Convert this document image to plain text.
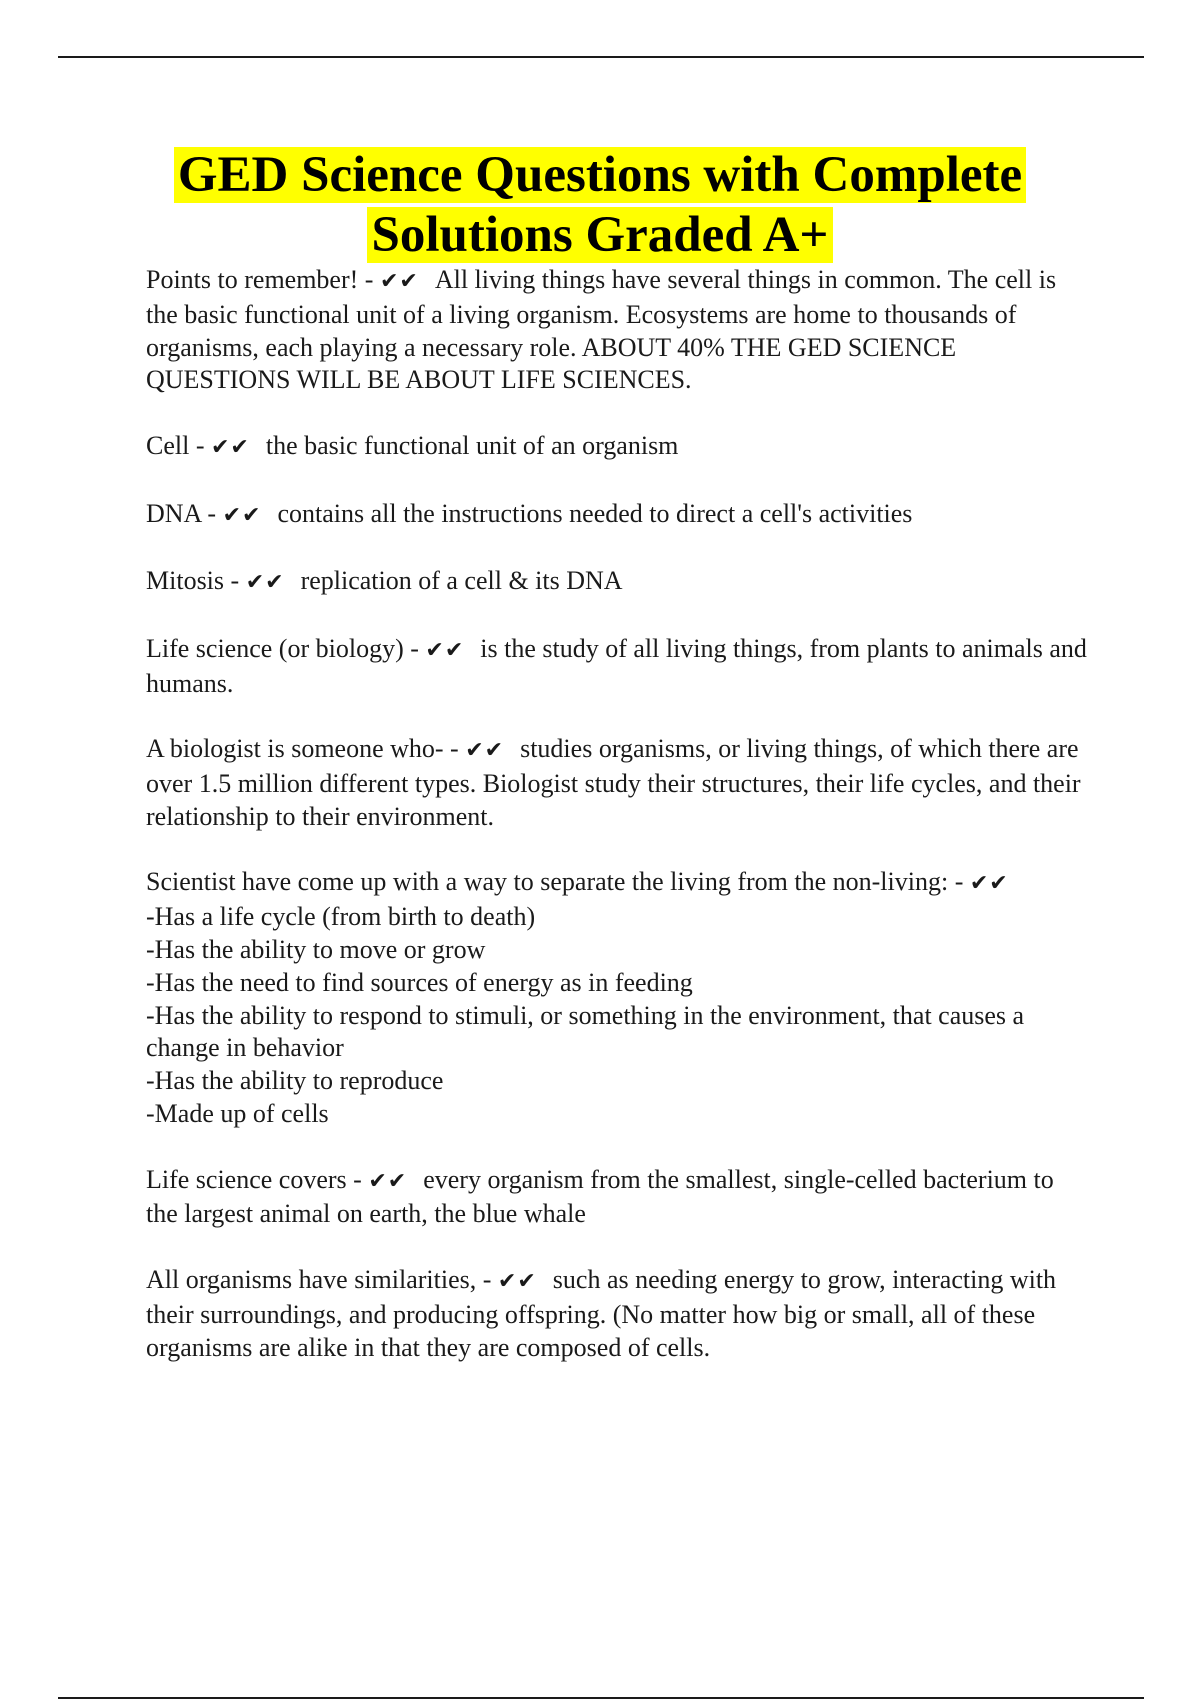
GED Science Questions with Complete Solutions Graded A+

Points to remember! - ✔✔ All living things have several things in common. The cell is the basic functional unit of a living organism. Ecosystems are home to thousands of organisms, each playing a necessary role. ABOUT 40% THE GED SCIENCE QUESTIONS WILL BE ABOUT LIFE SCIENCES.

Cell - ✔✔ the basic functional unit of an organism

DNA - ✔✔ contains all the instructions needed to direct a cell's activities

Mitosis - ✔✔ replication of a cell & its DNA

Life science (or biology) - ✔✔ is the study of all living things, from plants to animals and humans.

A biologist is someone who- - ✔✔ studies organisms, or living things, of which there are over 1.5 million different types. Biologist study their structures, their life cycles, and their relationship to their environment.

Scientist have come up with a way to separate the living from the non-living: - ✔✔
-Has a life cycle (from birth to death)
-Has the ability to move or grow
-Has the need to find sources of energy as in feeding
-Has the ability to respond to stimuli, or something in the environment, that causes a change in behavior
-Has the ability to reproduce
-Made up of cells

Life science covers - ✔✔ every organism from the smallest, single-celled bacterium to the largest animal on earth, the blue whale

All organisms have similarities, - ✔✔ such as needing energy to grow, interacting with their surroundings, and producing offspring. (No matter how big or small, all of these organisms are alike in that they are composed of cells.
